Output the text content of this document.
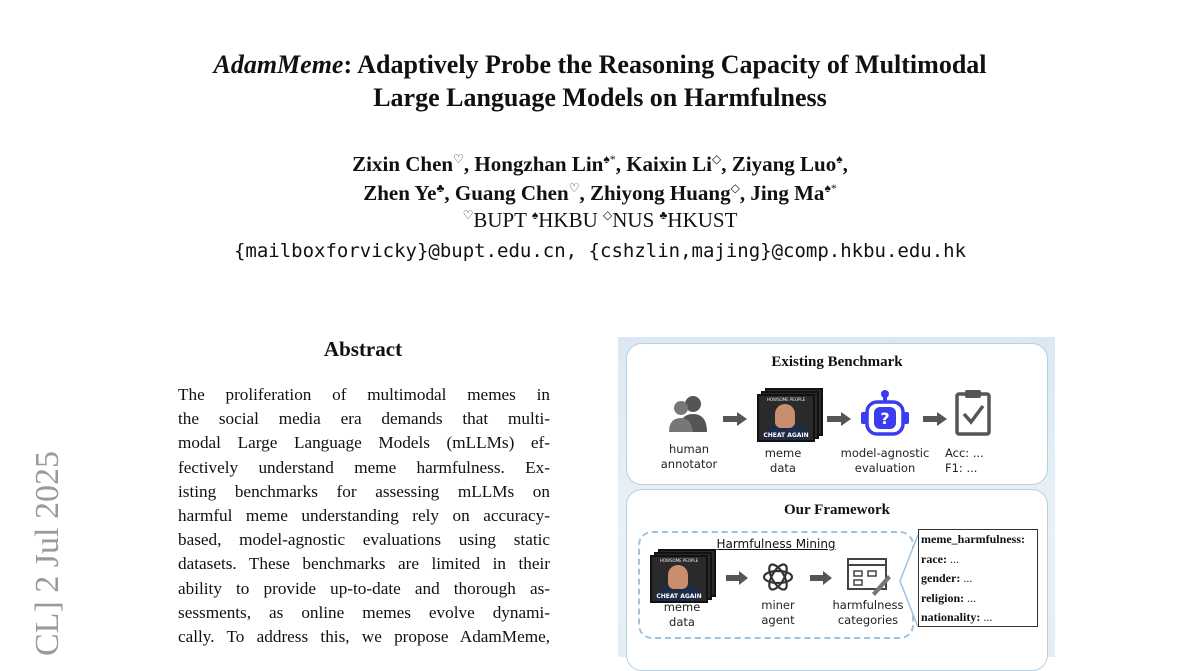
AdamMeme: Adaptively Probe the Reasoning Capacity of Multimodal
Large Language Models on Harmfulness
Zixin Chen♡, Hongzhan Lin♠*, Kaixin Li◇, Ziyang Luo♠,
Zhen Ye♣, Guang Chen♡, Zhiyong Huang◇, Jing Ma♠*
♡BUPT ♠HKBU ◇NUS ♣HKUST
{mailboxforvicky}@bupt.edu.cn, {cshzlin,majing}@comp.hkbu.edu.hk
CL] 2 Jul 2025
Abstract
The proliferation of multimodal memes in
the social media era demands that multi-
modal Large Language Models (mLLMs) ef-
fectively understand meme harmfulness. Ex-
isting benchmarks for assessing mLLMs on
harmful meme understanding rely on accuracy-
based, model-agnostic evaluations using static
datasets. These benchmarks are limited in their
ability to provide up-to-date and thorough as-
sessments, as online memes evolve dynami-
cally. To address this, we propose AdamMeme,
Existing Benchmark
human
annotator
HOWSOME PEOPLE
CHEAT AGAIN
meme
data
?
model-agnostic
evaluation
Acc: ...
F1: ...
Our Framework
Harmfulness Mining
HOWSOME PEOPLE
CHEAT AGAIN
meme
data
miner
agent
harmfulness
categories
meme_harmfulness:
race: ...
gender: ...
religion: ...
nationality: ...
